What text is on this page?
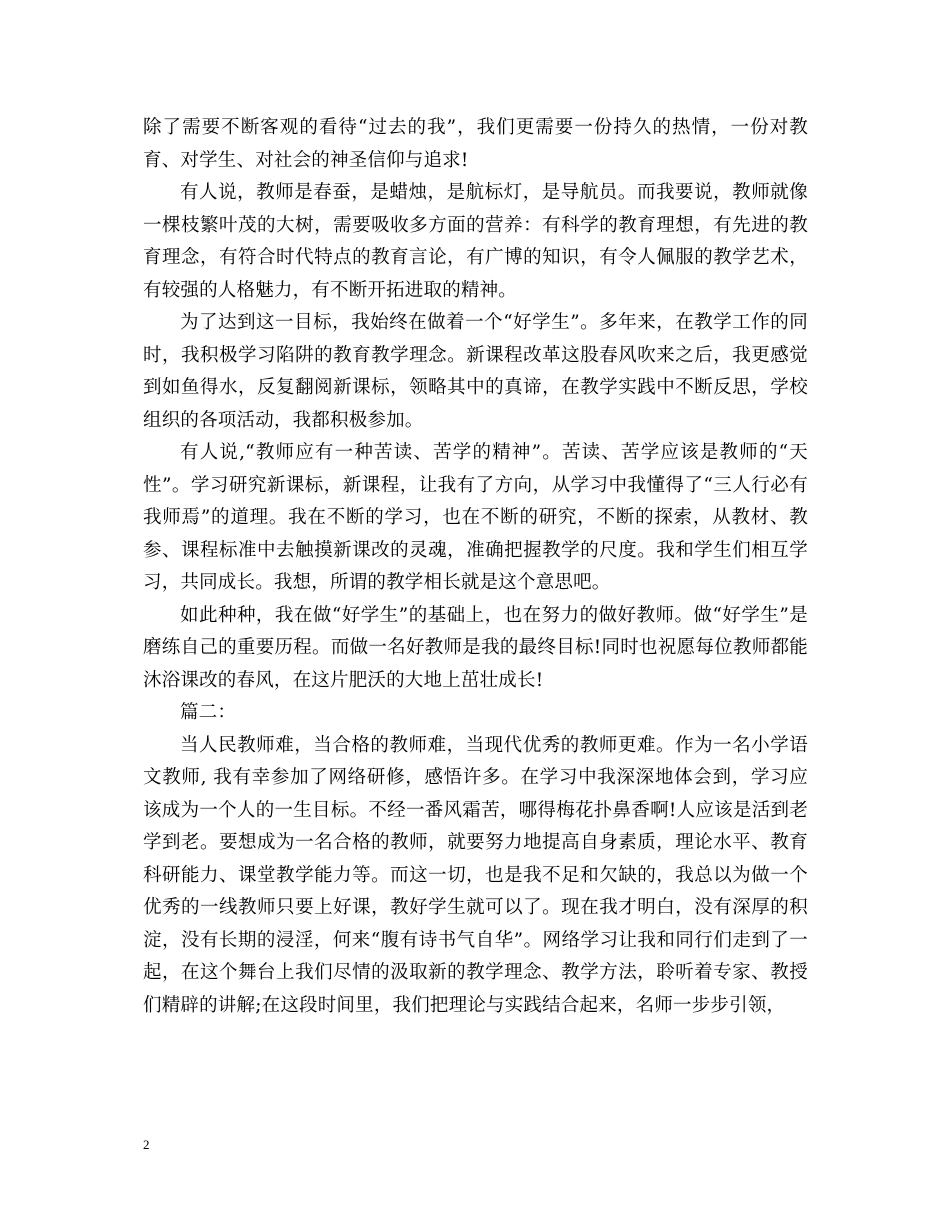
除了需要不断客观的看待“过去的我”，我们更需要一份持久的热情，一份对教育、对学生、对社会的神圣信仰与追求!

有人说，教师是春蚕，是蜡烛，是航标灯，是导航员。而我要说，教师就像一棵枝繁叶茂的大树，需要吸收多方面的营养：有科学的教育理想，有先进的教育理念，有符合时代特点的教育言论，有广博的知识，有令人佩服的教学艺术，有较强的人格魅力，有不断开拓进取的精神。

为了达到这一目标，我始终在做着一个“好学生”。多年来，在教学工作的同时，我积极学习陷阱的教育教学理念。新课程改革这股春风吹来之后，我更感觉到如鱼得水，反复翻阅新课标，领略其中的真谛，在教学实践中不断反思，学校组织的各项活动，我都积极参加。

有人说,“教师应有一种苦读、苦学的精神”。苦读、苦学应该是教师的“天性”。学习研究新课标，新课程，让我有了方向，从学习中我懂得了“三人行必有我师焉”的道理。我在不断的学习，也在不断的研究，不断的探索，从教材、教参、课程标准中去触摸新课改的灵魂，准确把握教学的尺度。我和学生们相互学习，共同成长。我想，所谓的教学相长就是这个意思吧。

如此种种，我在做“好学生”的基础上，也在努力的做好教师。做“好学生”是磨练自己的重要历程。而做一名好教师是我的最终目标!同时也祝愿每位教师都能沐浴课改的春风，在这片肥沃的大地上茁壮成长!

篇二：

当人民教师难，当合格的教师难，当现代优秀的教师更难。作为一名小学语文教师, 我有幸参加了网络研修，感悟许多。在学习中我深深地体会到，学习应该成为一个人的一生目标。不经一番风霜苦，哪得梅花扑鼻香啊!人应该是活到老学到老。要想成为一名合格的教师，就要努力地提高自身素质，理论水平、教育科研能力、课堂教学能力等。而这一切，也是我不足和欠缺的，我总以为做一个优秀的一线教师只要上好课，教好学生就可以了。现在我才明白，没有深厚的积淀，没有长期的浸淫，何来“腹有诗书气自华”。网络学习让我和同行们走到了一起，在这个舞台上我们尽情的汲取新的教学理念、教学方法，聆听着专家、教授们精辟的讲解;在这段时间里，我们把理论与实践结合起来，名师一步步引领，

2
